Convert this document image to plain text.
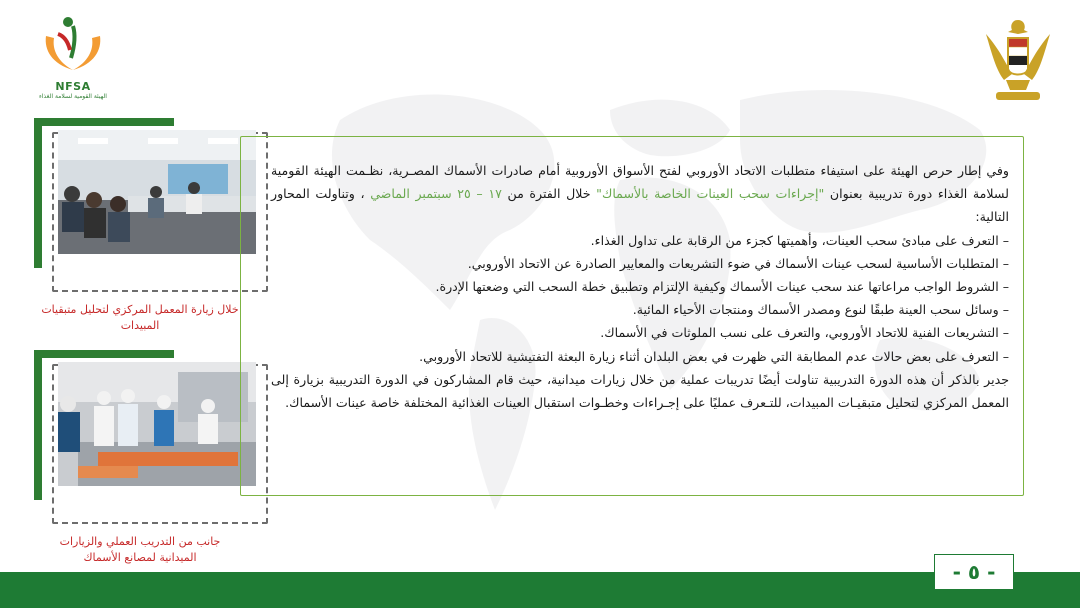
NFSA
الهيئة القومية لسلامة الغذاء
خلال زيارة المعمل المركزي لتحليل متبقيات المبيدات
جانب من التدريب العملي والزيارات الميدانية لمصانع الأسماك

وفي إطار حرص الهيئة على استيفاء متطلبات الاتحاد الأوروبي لفتح الأسواق الأوروبية أمام صادرات الأسماك المصـرية، نظـمت الهيئة القومية لسلامة الغذاء دورة تدريبية بعنوان "إجراءات سحب العينات الخاصة بالأسماك" خلال الفترة من ١٧ – ٢٥ سبتمبر الماضي ، وتناولت المحاور التالية:

– التعرف على مبادئ سحب العينات، وأهميتها كجزء من الرقابة على تداول الغذاء.
– المتطلبات الأساسية لسحب عينات الأسماك في ضوء التشريعات والمعايير الصادرة عن الاتحاد الأوروبي.
– الشروط الواجب مراعاتها عند سحب عينات الأسماك وكيفية الإلتزام وتطبيق خطة السحب التي وضعتها الإدرة.
– وسائل سحب العينة طبقًا لنوع ومصدر الأسماك ومنتجات الأحياء المائية.
– التشريعات الفنية للاتحاد الأوروبي، والتعرف على نسب الملوثات في الأسماك.
– التعرف على بعض حالات عدم المطابقة التي ظهرت في بعض البلدان أثناء زيارة البعثة التفتيشية للاتحاد الأوروبي.

جدير بالذكر أن هذه الدورة التدريبية تناولت أيضًا تدريبات عملية من خلال زيارات ميدانية، حيث قام المشاركون في الدورة التدريبية بزيارة إلى المعمل المركزي لتحليل متبقيـات المبيدات، للتـعرف عمليًا على إجـراءات وخطـوات استقبال العينات الغذائية المختلفة خاصة عينات الأسماك.

- ٥ -
